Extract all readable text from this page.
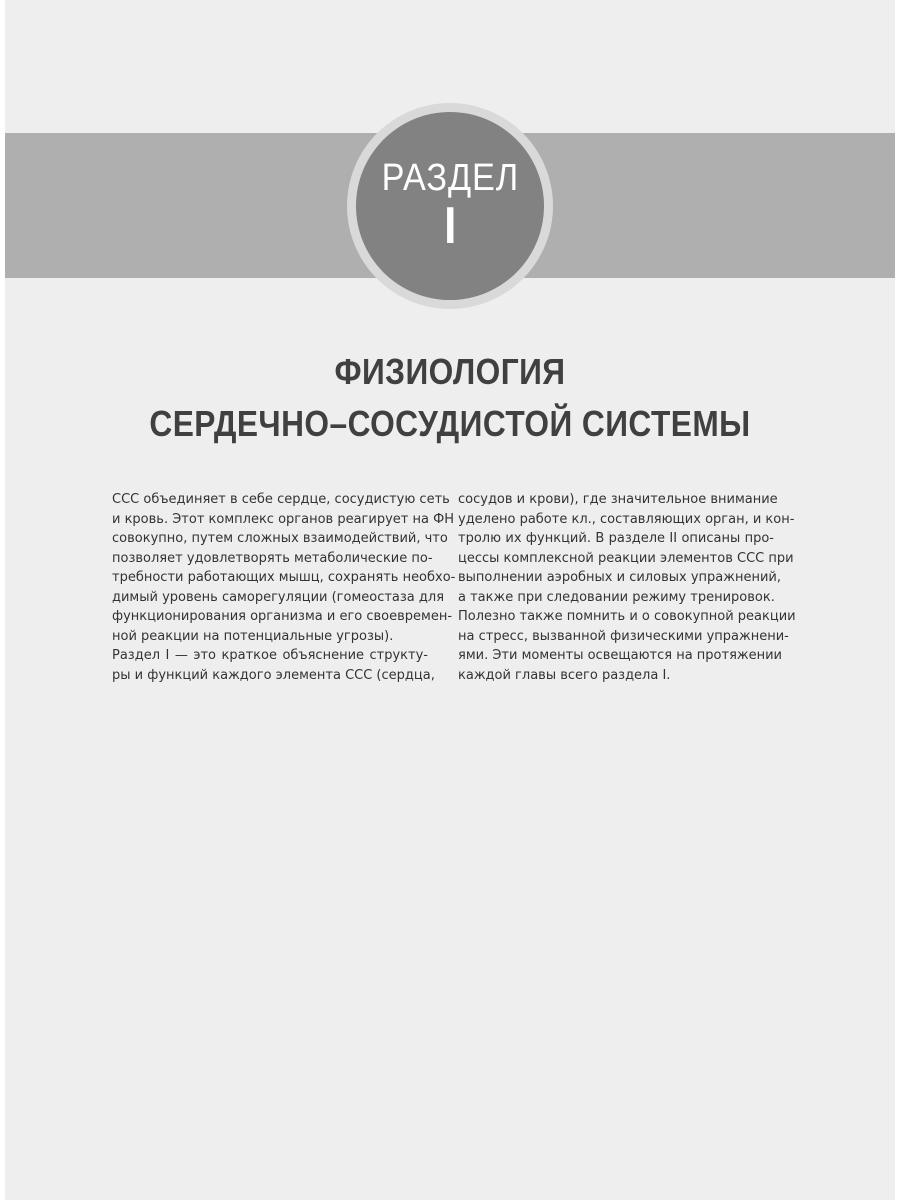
РАЗДЕЛ
I
ФИЗИОЛОГИЯ
СЕРДЕЧНО–СОСУДИСТОЙ СИСТЕМЫ
ССС объединяет в себе сердце, сосудистую сеть
и кровь. Этот комплекс органов реагирует на ФН
совокупно, путем сложных взаимодействий, что
позволяет удовлетворять метаболические по-
требности работающих мышц, сохранять необхо-
димый уровень саморегуляции (гомеостаза для
функционирования организма и его своевремен-
ной реакции на потенциальные угрозы).
Раздел I — это краткое объяснение структу-
ры и функций каждого элемента ССС (сердца,
сосудов и крови), где значительное внимание
уделено работе кл., составляющих орган, и кон-
тролю их функций. В разделе II описаны про-
цессы комплексной реакции элементов ССС при
выполнении аэробных и силовых упражнений,
а также при следовании режиму тренировок.
Полезно также помнить и о совокупной реакции
на стресс, вызванной физическими упражнени-
ями. Эти моменты освещаются на протяжении
каждой главы всего раздела I.
